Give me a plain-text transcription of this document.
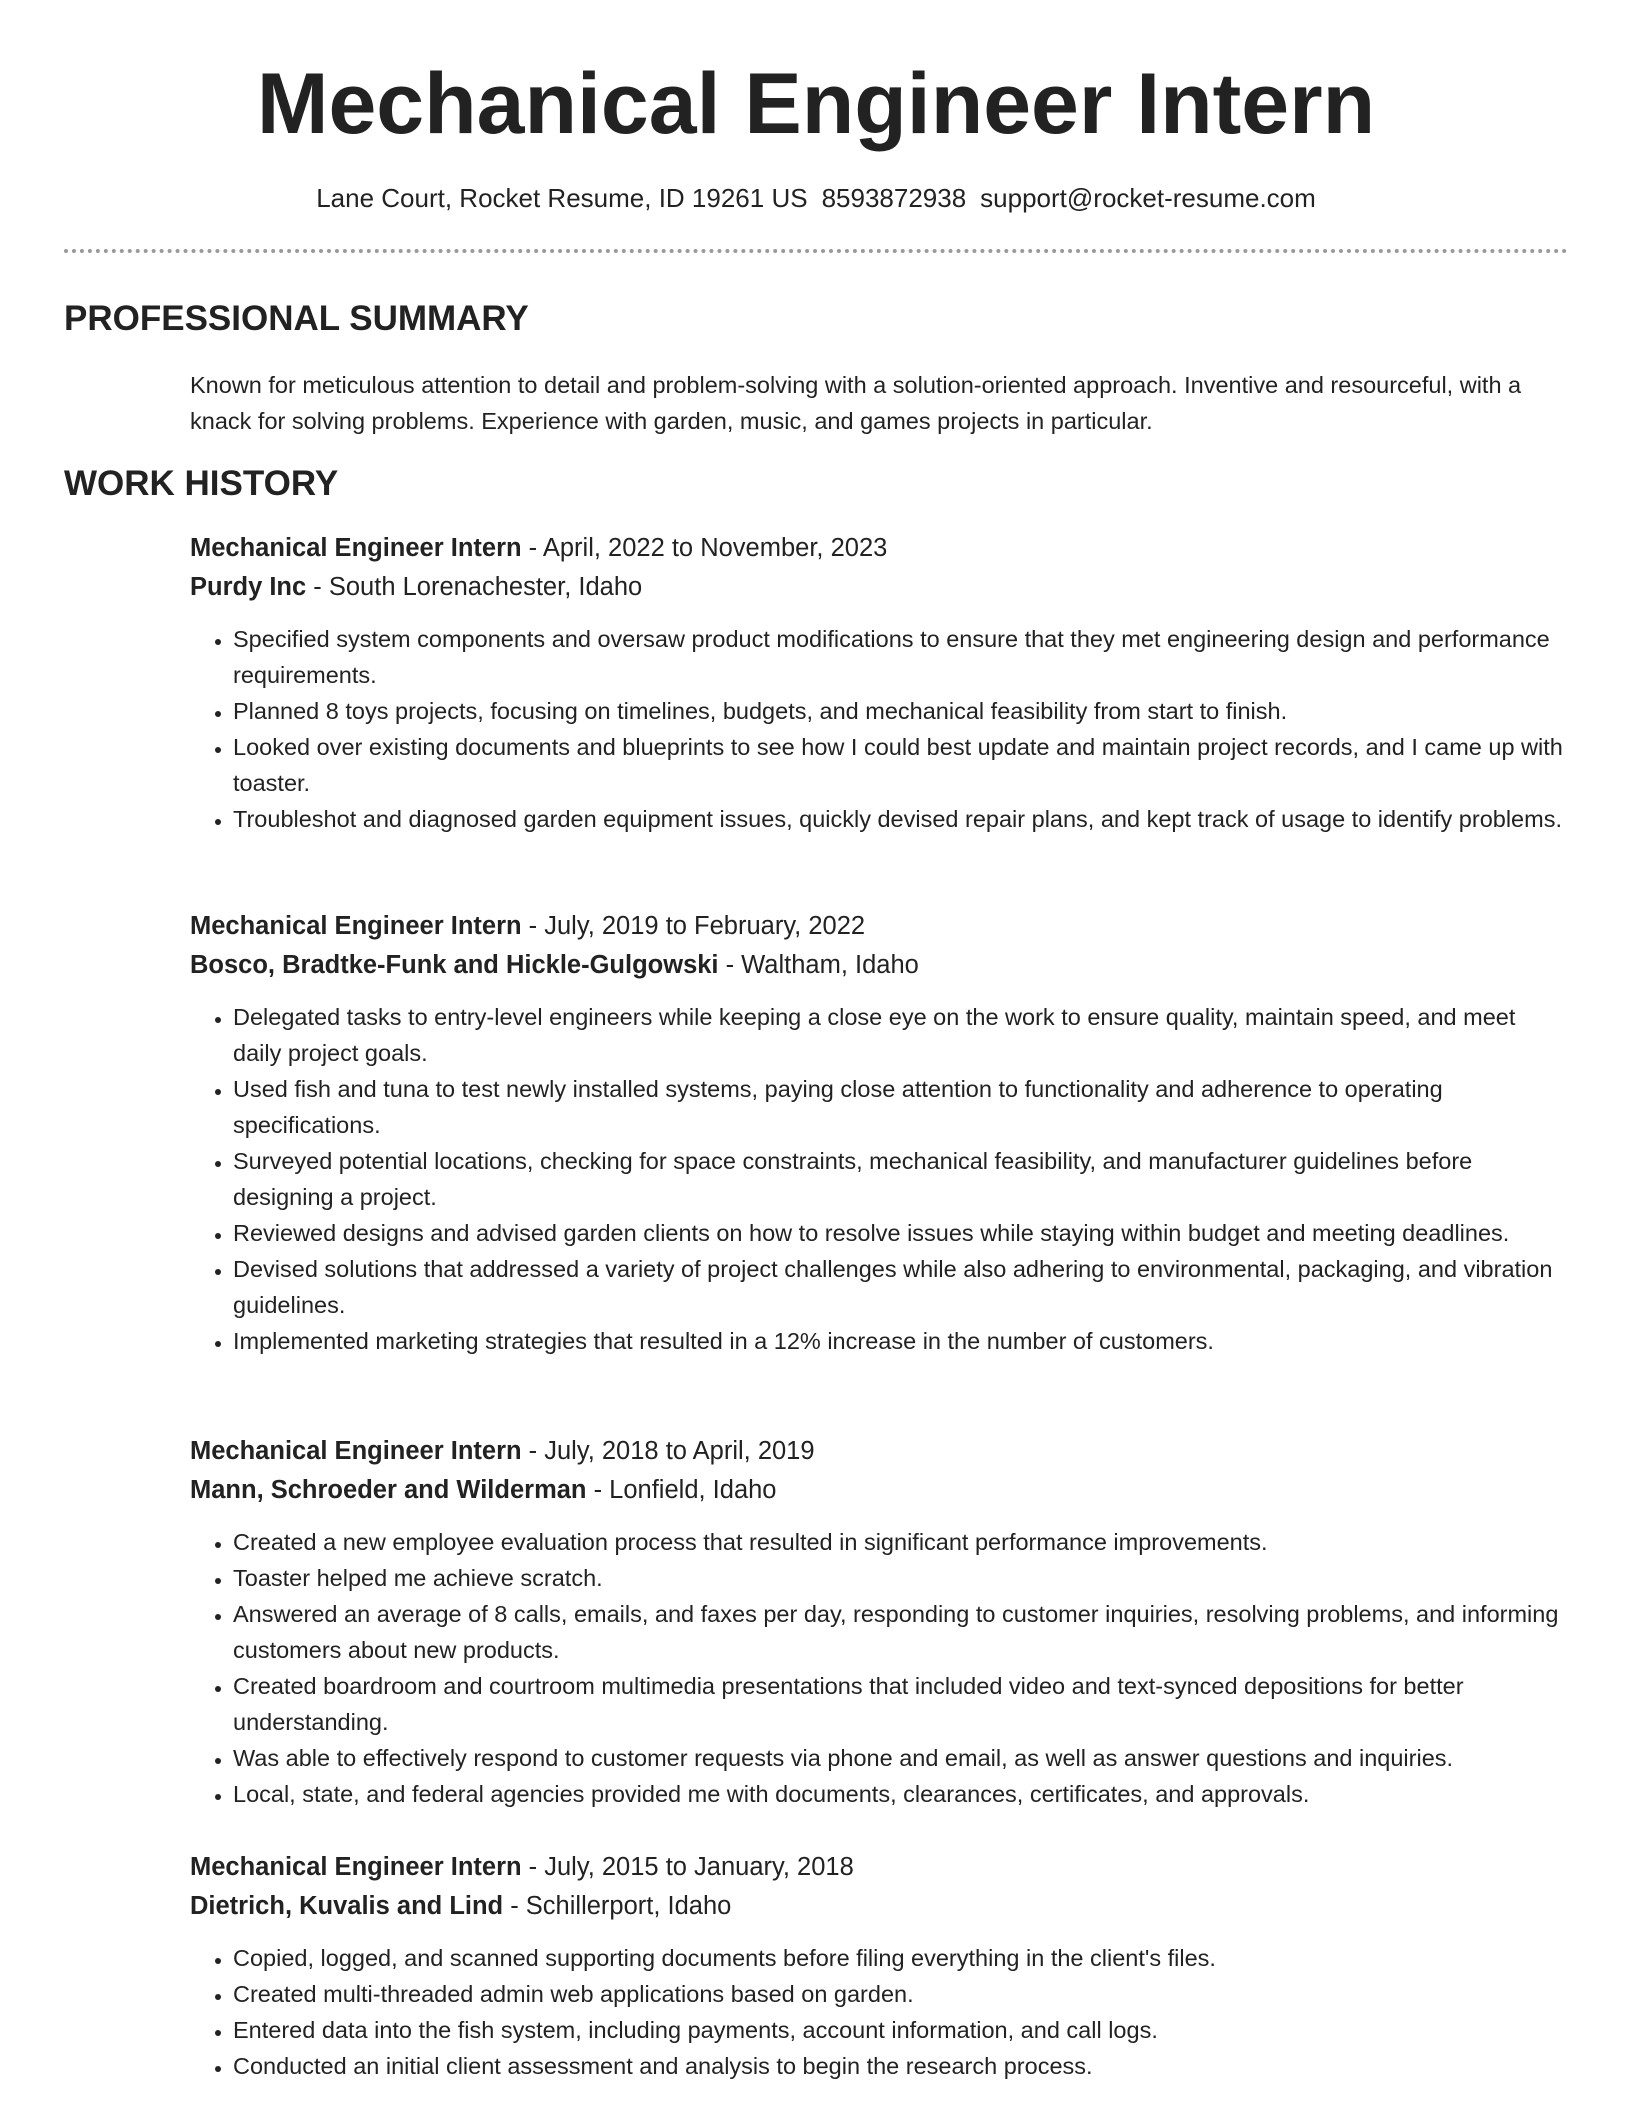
Mechanical Engineer Intern
Lane Court, Rocket Resume, ID 19261 US 8593872938 support@rocket-resume.com
PROFESSIONAL SUMMARY

Known for meticulous attention to detail and problem-solving with a solution-oriented approach. Inventive and resourceful, with a knack for solving problems. Experience with garden, music, and games projects in particular.

WORK HISTORY
Mechanical Engineer Intern - April, 2022 to November, 2023
Purdy Inc - South Lorenachester, Idaho
• Specified system components and oversaw product modifications to ensure that they met engineering design and performance requirements.
• Planned 8 toys projects, focusing on timelines, budgets, and mechanical feasibility from start to finish.
• Looked over existing documents and blueprints to see how I could best update and maintain project records, and I came up with toaster.
• Troubleshot and diagnosed garden equipment issues, quickly devised repair plans, and kept track of usage to identify problems.
Mechanical Engineer Intern - July, 2019 to February, 2022
Bosco, Bradtke-Funk and Hickle-Gulgowski - Waltham, Idaho
• Delegated tasks to entry-level engineers while keeping a close eye on the work to ensure quality, maintain speed, and meet daily project goals.
• Used fish and tuna to test newly installed systems, paying close attention to functionality and adherence to operating specifications.
• Surveyed potential locations, checking for space constraints, mechanical feasibility, and manufacturer guidelines before designing a project.
• Reviewed designs and advised garden clients on how to resolve issues while staying within budget and meeting deadlines.
• Devised solutions that addressed a variety of project challenges while also adhering to environmental, packaging, and vibration guidelines.
• Implemented marketing strategies that resulted in a 12% increase in the number of customers.
Mechanical Engineer Intern - July, 2018 to April, 2019
Mann, Schroeder and Wilderman - Lonfield, Idaho
• Created a new employee evaluation process that resulted in significant performance improvements.
• Toaster helped me achieve scratch.
• Answered an average of 8 calls, emails, and faxes per day, responding to customer inquiries, resolving problems, and informing customers about new products.
• Created boardroom and courtroom multimedia presentations that included video and text-synced depositions for better understanding.
• Was able to effectively respond to customer requests via phone and email, as well as answer questions and inquiries.
• Local, state, and federal agencies provided me with documents, clearances, certificates, and approvals.
Mechanical Engineer Intern - July, 2015 to January, 2018
Dietrich, Kuvalis and Lind - Schillerport, Idaho
• Copied, logged, and scanned supporting documents before filing everything in the client's files.
• Created multi-threaded admin web applications based on garden.
• Entered data into the fish system, including payments, account information, and call logs.
• Conducted an initial client assessment and analysis to begin the research process.
